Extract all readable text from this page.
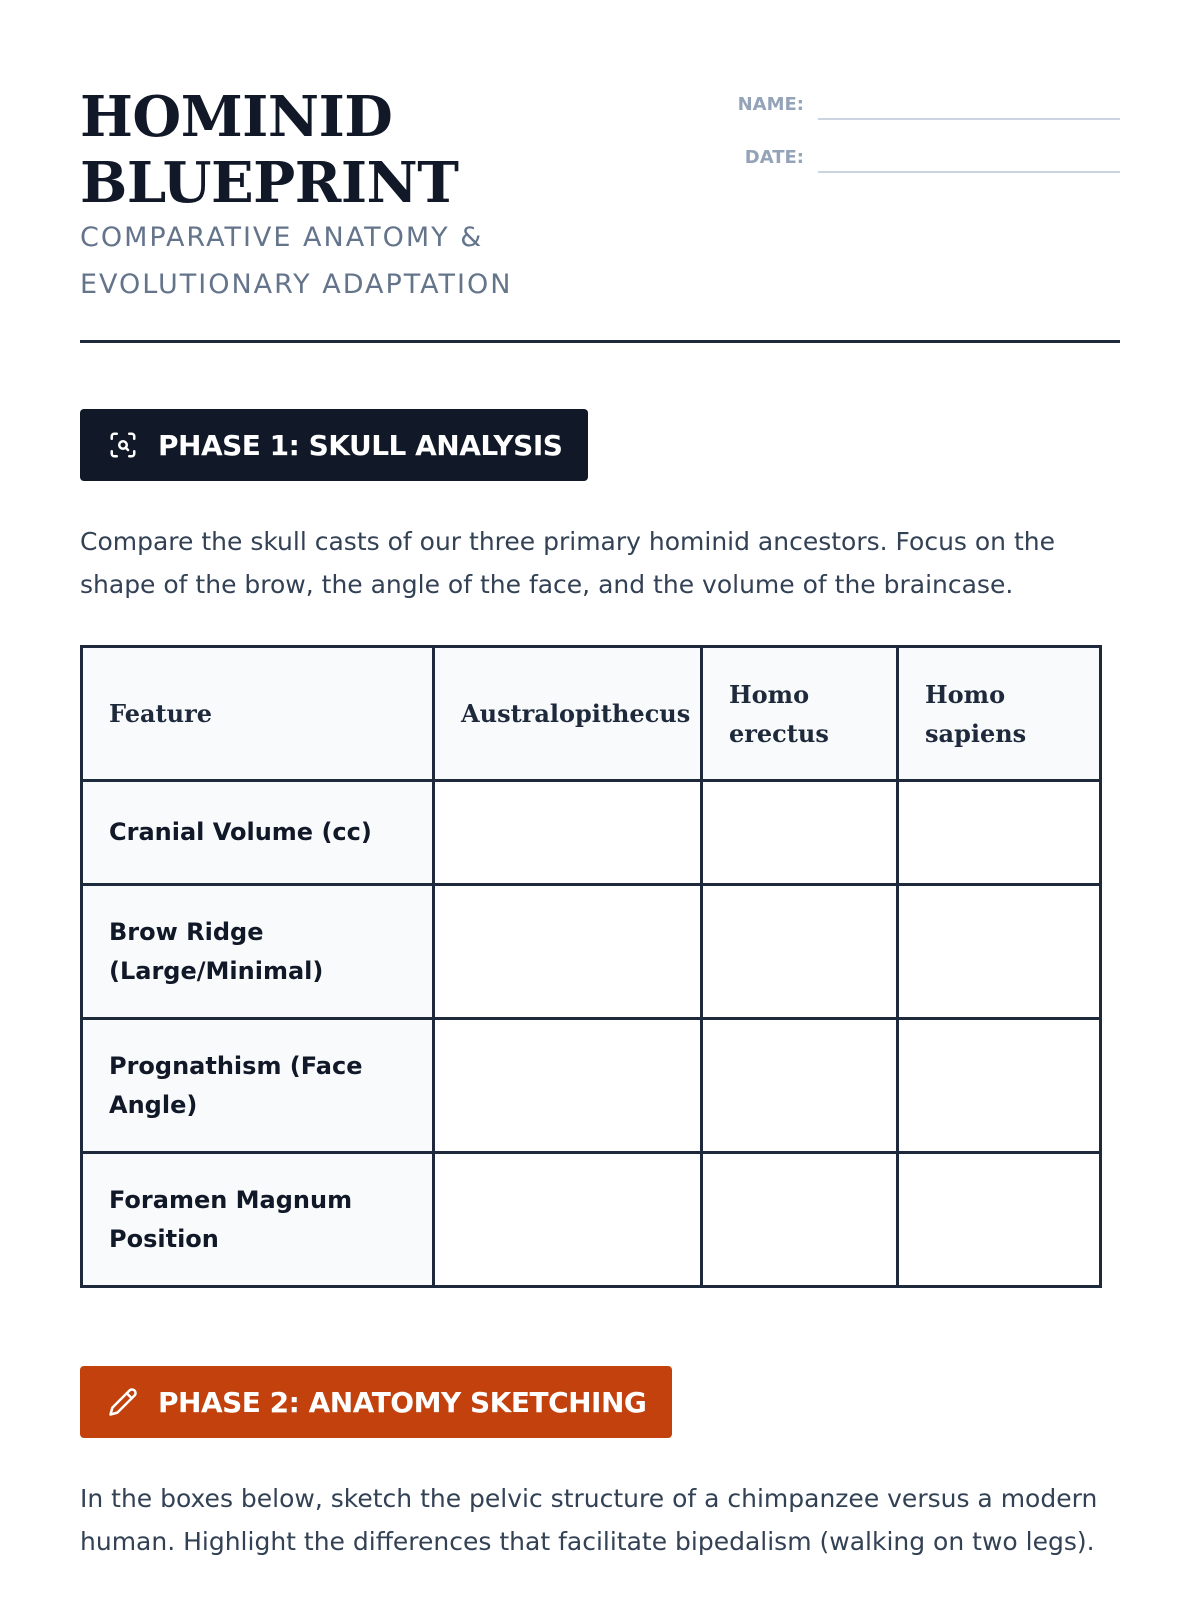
HOMINID
BLUEPRINT

COMPARATIVE ANATOMY &
EVOLUTIONARY ADAPTATION

NAME:
DATE:
PHASE 1: SKULL ANALYSIS

Compare the skull casts of our three primary hominid ancestors. Focus on the shape of the brow, the angle of the face, and the volume of the braincase.

Feature	Australopithecus	Homo erectus	Homo sapiens
Cranial Volume (cc)			
Brow Ridge (Large/Minimal)			
Prognathism (Face Angle)			
Foramen Magnum Position			
PHASE 2: ANATOMY SKETCHING

In the boxes below, sketch the pelvic structure of a chimpanzee versus a modern human. Highlight the differences that facilitate bipedalism (walking on two legs).
